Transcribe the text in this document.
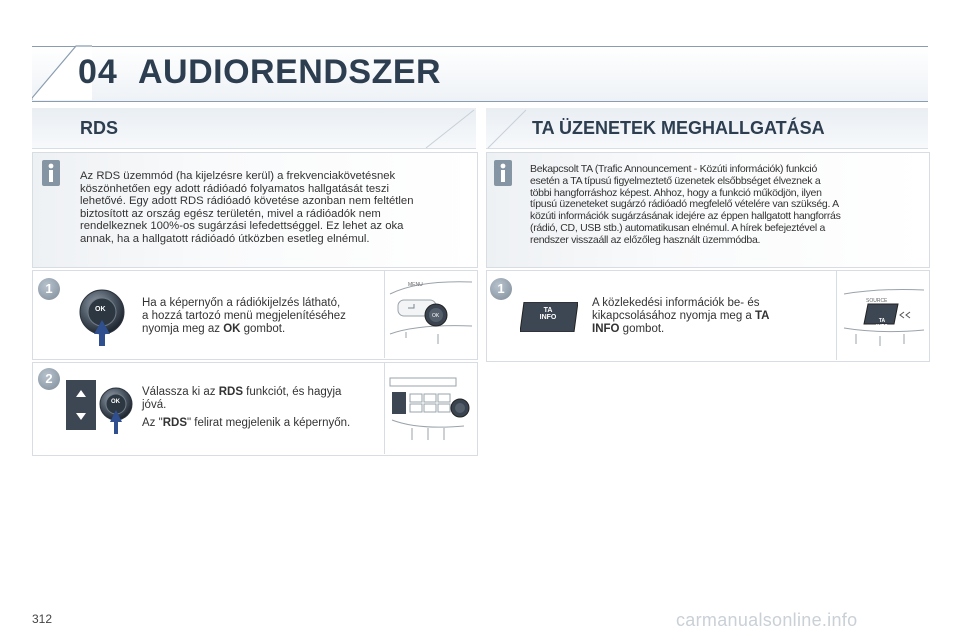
04 AUDIORENDSZER
RDS	TA ÜZENETEK MEGHALLGATÁSA
Az RDS üzemmód (ha kijelzésre kerül) a frekvenciakövetésnek
köszönhetően egy adott rádióadó folyamatos hallgatását teszi
lehetővé. Egy adott RDS rádióadó követése azonban nem feltétlen
biztosított az ország egész területén, mivel a rádióadók nem
rendelkeznek 100%-os sugárzási lefedettséggel. Ez lehet az oka
annak, ha a hallgatott rádióadó útközben esetleg elnémul.
Bekapcsolt TA (Trafic Announcement - Közúti információk) funkció
esetén a TA típusú figyelmeztető üzenetek elsőbbséget élveznek a
többi hangforráshoz képest. Ahhoz, hogy a funkció működjön, ilyen
típusú üzeneteket sugárzó rádióadó megfelelő vételére van szükség. A
közúti információk sugárzásának idejére az éppen hallgatott hangforrás
(rádió, CD, USB stb.) automatikusan elnémul. A hírek befejeztével a
rendszer visszaáll az előzőleg használt üzemmódba.
1
OK
Ha a képernyőn a rádiókijelzés látható,
a hozzá tartozó menü megjelenítéséhez
nyomja meg az OK gombot.
MENU
OK
2
OK
Válassza ki az RDS funkciót, és hagyja
jóvá.
Az "RDS" felirat megjelenik a képernyőn.
1
TA
INFO
A közlekedési információk be- és
kikapcsolásához nyomja meg a TA
INFO gombot.
SOURCE
TA
INFO
312	carmanualsonline.info
